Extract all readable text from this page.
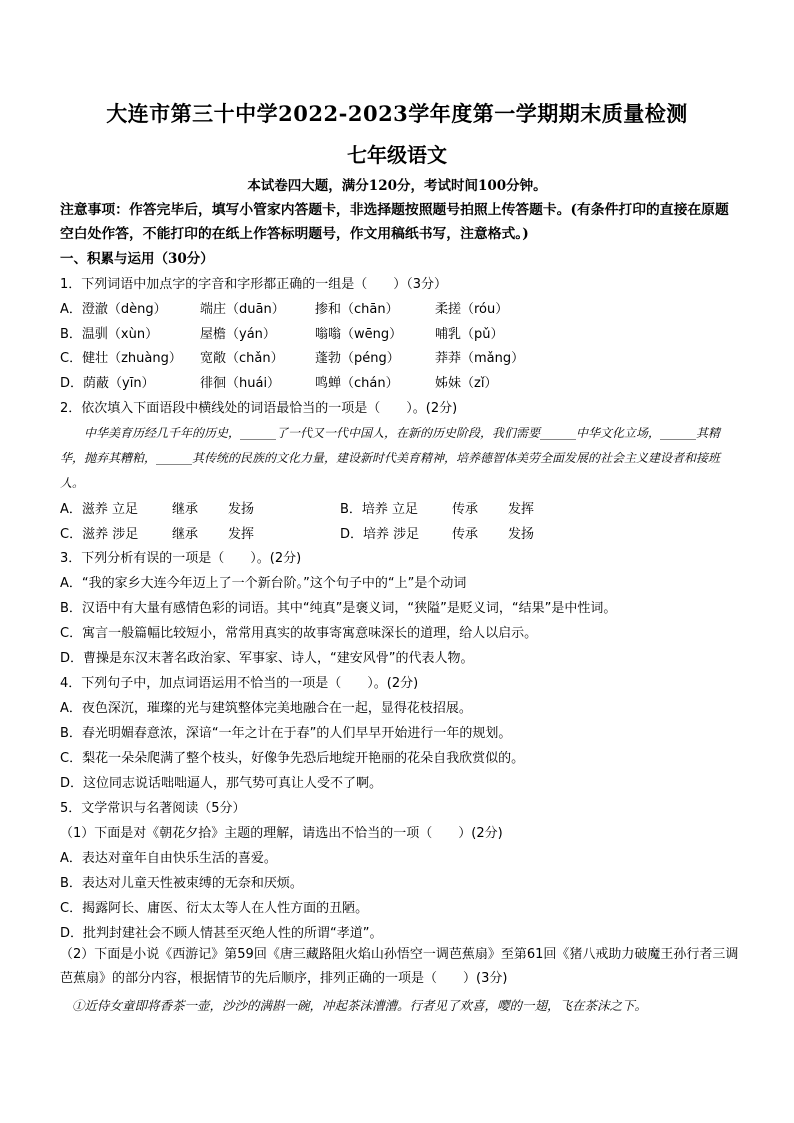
大连市第三十中学2022-2023学年度第一学期期末质量检测
七年级语文
本试卷四大题，满分120分，考试时间100分钟。
注意事项：作答完毕后，填写小管家内答题卡，非选择题按照题号拍照上传答题卡。(有条件打印的直接在原题空白处作答，不能打印的在纸上作答标明题号，作文用稿纸书写，注意格式。)
一、积累与运用（30分）
1．下列词语中加点字的字音和字形都正确的一组是（　　）（3分）
A．澄澈（dèng）	端庄（duān） 掺和（chān）	柔搓（róu）
B．温驯（xùn）	屋檐（yán）	嗡嗡（wēng）	哺乳（pǔ）
C．健壮（zhuàng） 宽敞（chǎn） 蓬勃（péng）	莽莽（mǎng）
D．荫蔽（yīn）	徘徊（huái）	鸣蝉（chán）	姊妹（zǐ）
2．依次填入下面语段中横线处的词语最恰当的一项是（　　）。(2分)
中华美育历经几千年的历史，______了一代又一代中国人，在新的历史阶段，我们需要______中华文化立场，______其精华，抛弃其糟粕，______其传统的民族的文化力量，建设新时代美育精神，培养德智体美劳全面发展的社会主义建设者和接班人。
A．滋养 立足	继承 发扬	B．培养 立足	传承 发挥
C．滋养 涉足	继承 发挥	D．培养 涉足	传承 发扬
3．下列分析有误的一项是（　　）。(2分)
A．“我的家乡大连今年迈上了一个新台阶。”这个句子中的“上”是个动词
B．汉语中有大量有感情色彩的词语。其中“纯真”是褒义词，“狭隘”是贬义词，“结果”是中性词。
C．寓言一般篇幅比较短小，常常用真实的故事寄寓意味深长的道理，给人以启示。
D．曹操是东汉末著名政治家、军事家、诗人，“建安风骨”的代表人物。
4．下列句子中，加点词语运用不恰当的一项是（　　）。(2分)
A．夜色深沉，璀璨的光与建筑整体完美地融合在一起，显得花枝招展。
B．春光明媚春意浓，深谙“一年之计在于春”的人们早早开始进行一年的规划。
C．梨花一朵朵爬满了整个枝头，好像争先恐后地绽开艳丽的花朵自我欣赏似的。
D．这位同志说话咄咄逼人，那气势可真让人受不了啊。
5．文学常识与名著阅读（5分）
（1）下面是对《朝花夕拾》主题的理解，请选出不恰当的一项（　　）(2分)
A．表达对童年自由快乐生活的喜爱。
B．表达对儿童天性被束缚的无奈和厌烦。
C．揭露阿长、庸医、衍太太等人在人性方面的丑陋。
D．批判封建社会不顾人情甚至灭绝人性的所谓“孝道”。
（2）下面是小说《西游记》第59回《唐三藏路阻火焰山孙悟空一调芭蕉扇》至第61回《猪八戒助力破魔王孙行者三调芭蕉扇》的部分内容，根据情节的先后顺序，排列正确的一项是（　　）(3分)
①近侍女童即将香茶一壶，沙沙的满斟一碗，冲起茶沫漕漕。行者见了欢喜，嘤的一翅，飞在茶沫之下。
